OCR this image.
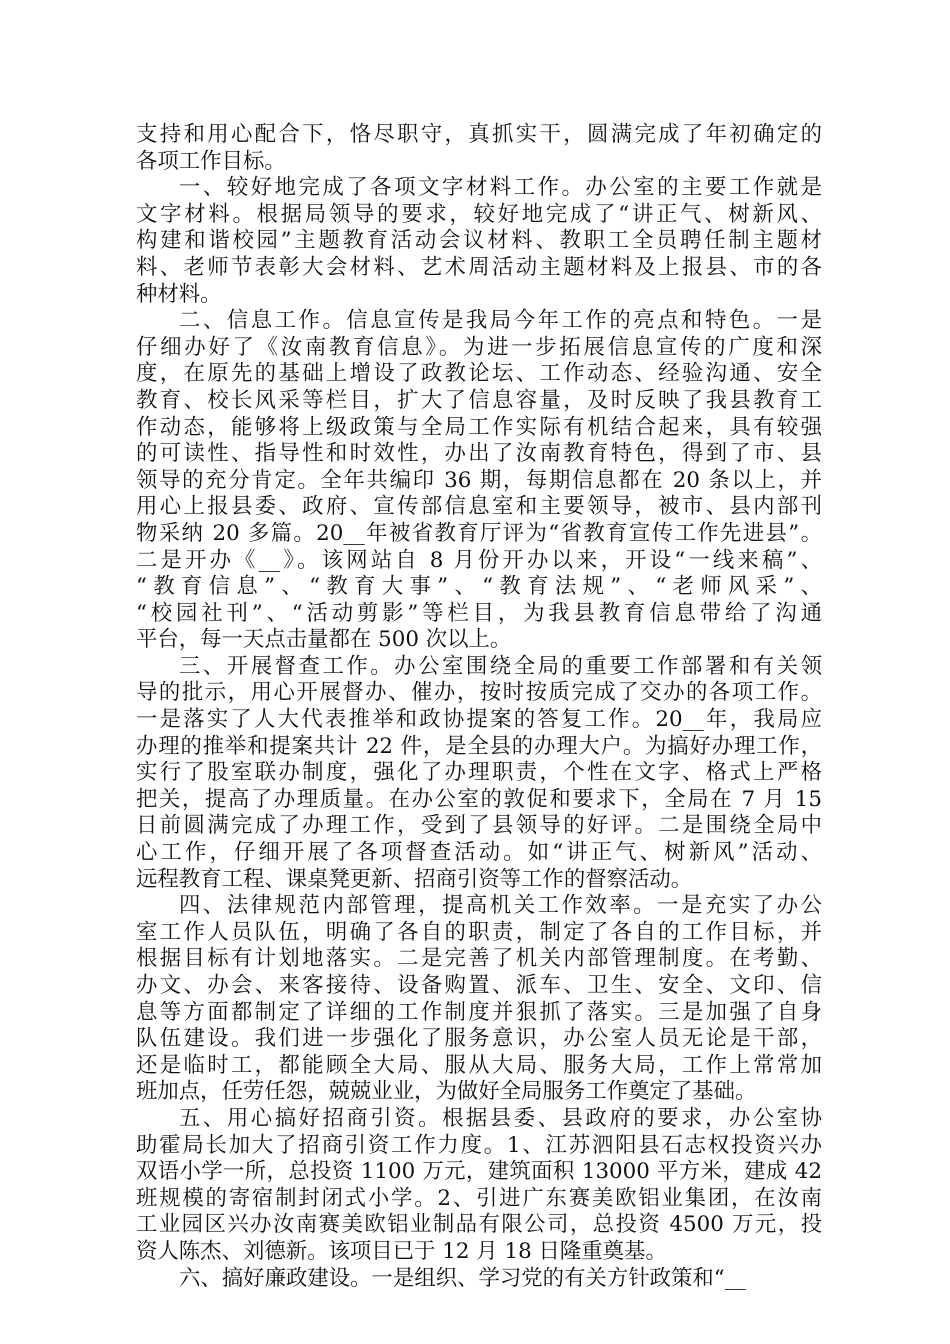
支持和用心配合下，恪尽职守，真抓实干，圆满完成了年初确定的
各项工作目标。
一、较好地完成了各项文字材料工作。办公室的主要工作就是
文字材料。根据局领导的要求，较好地完成了“讲正气、树新风、
构建和谐校园”主题教育活动会议材料、教职工全员聘任制主题材
料、老师节表彰大会材料、艺术周活动主题材料及上报县、市的各
种材料。
二、信息工作。信息宣传是我局今年工作的亮点和特色。一是
仔细办好了《汝南教育信息》。为进一步拓展信息宣传的广度和深
度，在原先的基础上增设了政教论坛、工作动态、经验沟通、安全
教育、校长风采等栏目，扩大了信息容量，及时反映了我县教育工
作动态，能够将上级政策与全局工作实际有机结合起来，具有较强
的可读性、指导性和时效性，办出了汝南教育特色，得到了市、县
领导的充分肯定。全年共编印 36 期，每期信息都在 20 条以上，并
用心上报县委、政府、宣传部信息室和主要领导，被市、县内部刊
物采纳 20 多篇。20__年被省教育厅评为“省教育宣传工作先进县”。
二是开办《__》。该网站自 8 月份开办以来，开设“一线来稿”、
“教育信息”、“教育大事”、“教育法规”、“老师风采”、
“校园社刊”、“活动剪影”等栏目，为我县教育信息带给了沟通
平台，每一天点击量都在 500 次以上。
三、开展督查工作。办公室围绕全局的重要工作部署和有关领
导的批示，用心开展督办、催办，按时按质完成了交办的各项工作。
一是落实了人大代表推举和政协提案的答复工作。20__年，我局应
办理的推举和提案共计 22 件，是全县的办理大户。为搞好办理工作，
实行了股室联办制度，强化了办理职责，个性在文字、格式上严格
把关，提高了办理质量。在办公室的敦促和要求下，全局在 7 月 15
日前圆满完成了办理工作，受到了县领导的好评。二是围绕全局中
心工作，仔细开展了各项督查活动。如“讲正气、树新风”活动、
远程教育工程、课桌凳更新、招商引资等工作的督察活动。
四、法律规范内部管理，提高机关工作效率。一是充实了办公
室工作人员队伍，明确了各自的职责，制定了各自的工作目标，并
根据目标有计划地落实。二是完善了机关内部管理制度。在考勤、
办文、办会、来客接待、设备购置、派车、卫生、安全、文印、信
息等方面都制定了详细的工作制度并狠抓了落实。三是加强了自身
队伍建设。我们进一步强化了服务意识，办公室人员无论是干部，
还是临时工，都能顾全大局、服从大局、服务大局，工作上常常加
班加点，任劳任怨，兢兢业业，为做好全局服务工作奠定了基础。
五、用心搞好招商引资。根据县委、县政府的要求，办公室协
助霍局长加大了招商引资工作力度。1、江苏泗阳县石志权投资兴办
双语小学一所，总投资 1100 万元，建筑面积 13000 平方米，建成 42
班规模的寄宿制封闭式小学。2、引进广东赛美欧铝业集团，在汝南
工业园区兴办汝南赛美欧铝业制品有限公司，总投资 4500 万元，投
资人陈杰、刘德新。该项目已于 12 月 18 日隆重奠基。
六、搞好廉政建设。一是组织、学习党的有关方针政策和“__
